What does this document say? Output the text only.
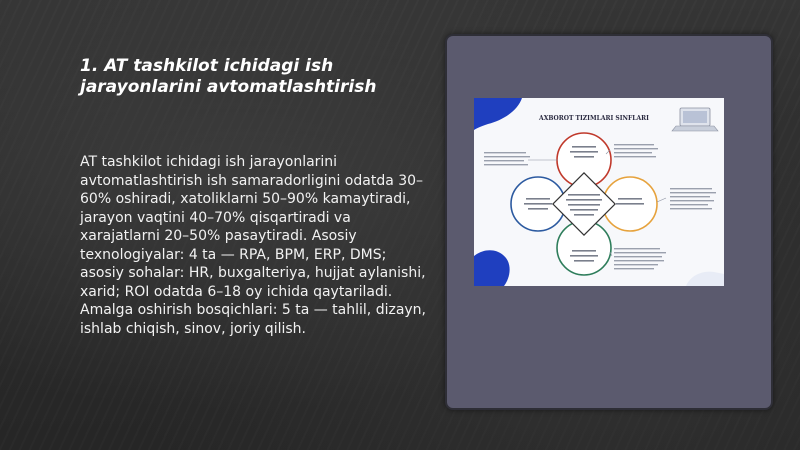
1. AT tashkilot ichidagi ish jarayonlarini avtomatlashtirish
AT tashkilot ichidagi ish jarayonlarini avtomatlashtirish ish samaradorligini odatda 30–60% oshiradi, xatoliklarni 50–90% kamaytiradi, jarayon vaqtini 40–70% qisqartiradi va xarajatlarni 20–50% pasaytiradi. Asosiy texnologiyalar: 4 ta — RPA, BPM, ERP, DMS; asosiy sohalar: HR, buxgalteriya, hujjat aylanishi, xarid; ROI odatda 6–18 oy ichida qaytariladi. Amalga oshirish bosqichlari: 5 ta — tahlil, dizayn, ishlab chiqish, sinov, joriy qilish.
AXBOROT TIZIMLARI SINFLARI
